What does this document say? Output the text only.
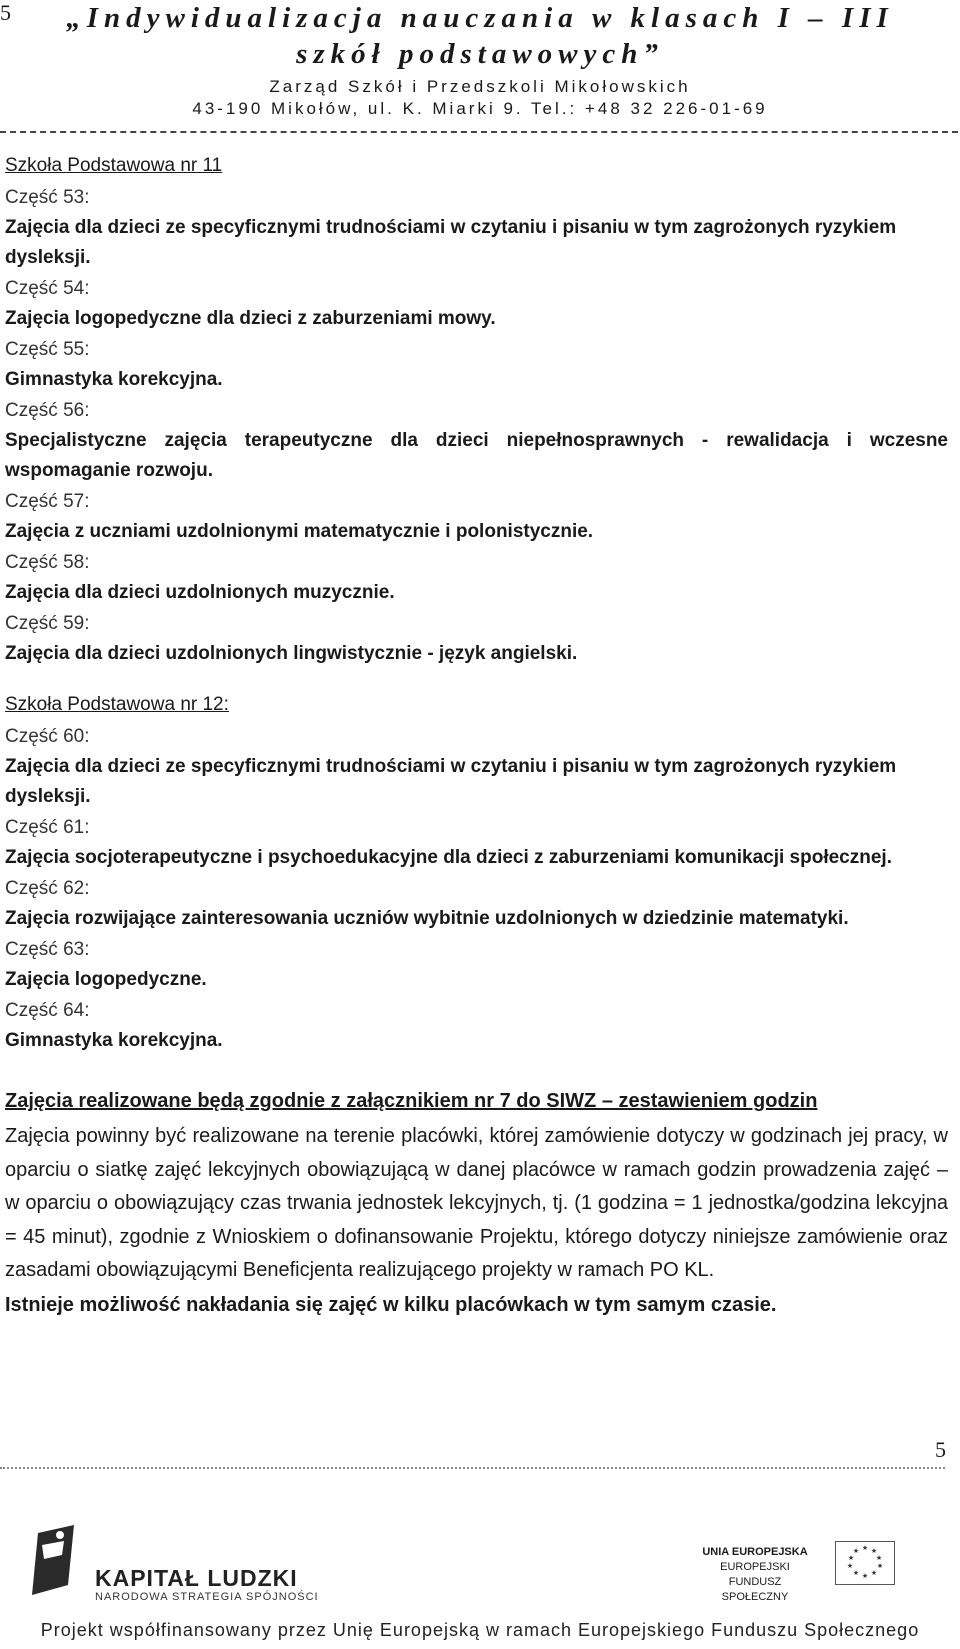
5	„Indywidualizacja nauczania w klasach I – III
szkół podstawowych”
Zarząd Szkół i Przedszkoli Mikołowskich
43-190 Mikołów, ul. K. Miarki 9. Tel.: +48 32 226-01-69

Szkoła Podstawowa nr 11

Część 53:

Zajęcia dla dzieci ze specyficznymi trudnościami w czytaniu i pisaniu w tym zagrożonych ryzykiem dysleksji.

Część 54:

Zajęcia logopedyczne dla dzieci z zaburzeniami mowy.

Część 55:

Gimnastyka korekcyjna.

Część 56:

Specjalistyczne zajęcia terapeutyczne dla dzieci niepełnosprawnych - rewalidacja i wczesne wspomaganie rozwoju.

Część 57:

Zajęcia z uczniami uzdolnionymi matematycznie i polonistycznie.

Część 58:

Zajęcia dla dzieci uzdolnionych muzycznie.

Część 59:

Zajęcia dla dzieci uzdolnionych lingwistycznie - język angielski.

Szkoła Podstawowa nr 12:

Część 60:

Zajęcia dla dzieci ze specyficznymi trudnościami w czytaniu i pisaniu w tym zagrożonych ryzykiem dysleksji.

Część 61:

Zajęcia socjoterapeutyczne i psychoedukacyjne dla dzieci z zaburzeniami komunikacji społecznej.

Część 62:

Zajęcia rozwijające zainteresowania uczniów wybitnie uzdolnionych w dziedzinie matematyki.

Część 63:

Zajęcia logopedyczne.

Część 64:

Gimnastyka korekcyjna.

Zajęcia realizowane będą zgodnie z załącznikiem nr 7 do SIWZ – zestawieniem godzin

Zajęcia powinny być realizowane na terenie placówki, której zamówienie dotyczy w godzinach jej pracy, w oparciu o siatkę zajęć lekcyjnych obowiązującą w danej placówce w ramach godzin prowadzenia zajęć – w oparciu o obowiązujący czas trwania jednostek lekcyjnych, tj. (1 godzina = 1 jednostka/godzina lekcyjna = 45 minut), zgodnie z Wnioskiem o dofinansowanie Projektu, którego dotyczy niniejsze zamówienie oraz zasadami obowiązującymi Beneficjenta realizującego projekty w ramach PO KL.

Istnieje możliwość nakładania się zajęć w kilku placówkach w tym samym czasie.

5
KAPITAŁ LUDZKI
NARODOWA STRATEGIA SPÓJNOŚCI
UNIA EUROPEJSKA
EUROPEJSKI
FUNDUSZ SPOŁECZNY
★ ★
★
★
★
★
★
★
★
★
Projekt współfinansowany przez Unię Europejską w ramach Europejskiego Funduszu Społecznego
